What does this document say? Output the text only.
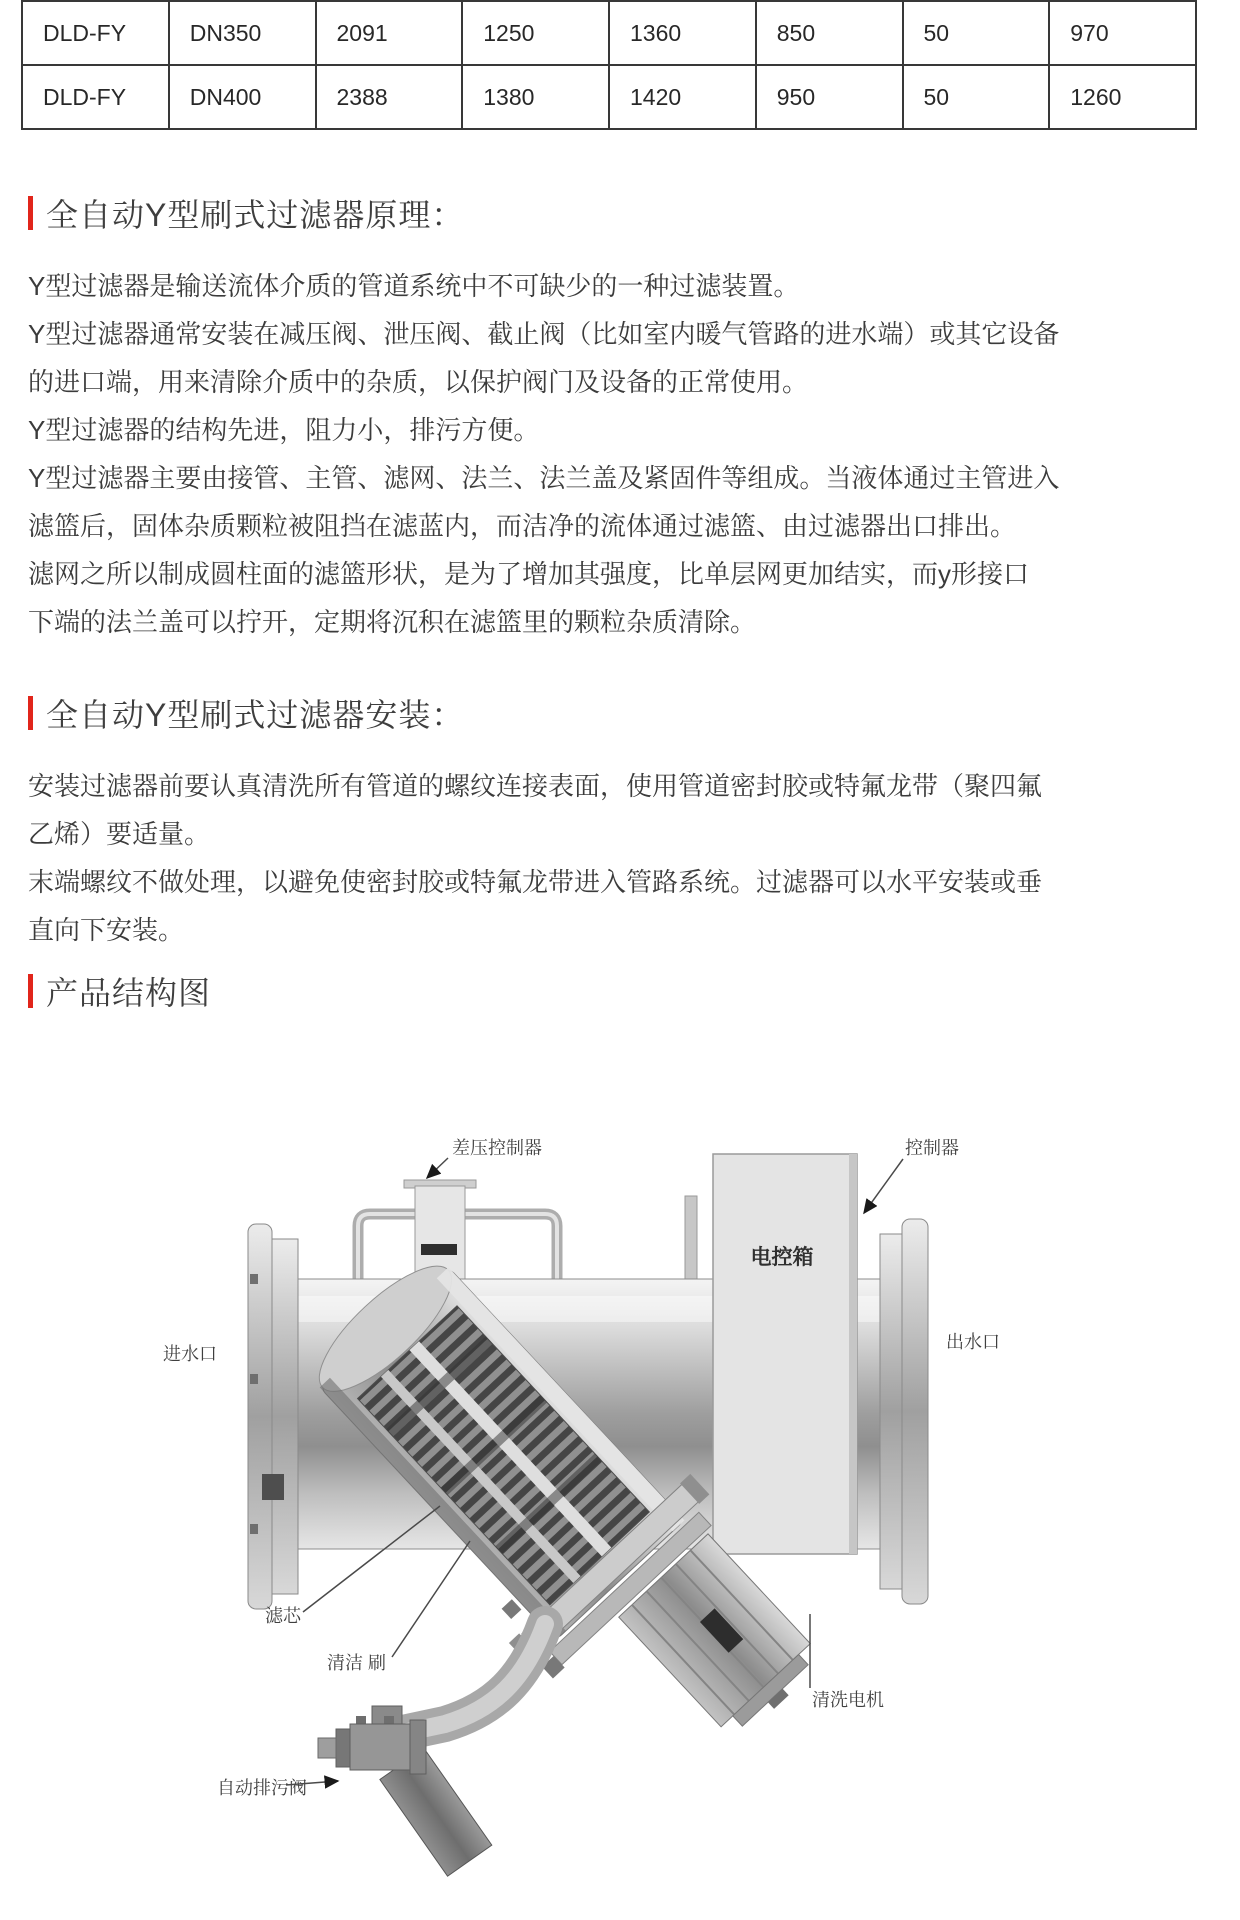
DLD-FY	DN350	2091	1250	1360	850	50	970
DLD-FY	DN400	2388	1380	1420	950	50	1260
全自动Y型刷式过滤器原理：
Y型过滤器是输送流体介质的管道系统中不可缺少的一种过滤装置。
Y型过滤器通常安装在减压阀、泄压阀、截止阀（比如室内暖气管路的进水端）或其它设备
的进口端，用来清除介质中的杂质，以保护阀门及设备的正常使用。
Y型过滤器的结构先进，阻力小，排污方便。
Y型过滤器主要由接管、主管、滤网、法兰、法兰盖及紧固件等组成。当液体通过主管进入
滤篮后，固体杂质颗粒被阻挡在滤蓝内，而洁净的流体通过滤篮、由过滤器出口排出。
滤网之所以制成圆柱面的滤篮形状，是为了增加其强度，比单层网更加结实，而y形接口
下端的法兰盖可以拧开，定期将沉积在滤篮里的颗粒杂质清除。
全自动Y型刷式过滤器安装：
安装过滤器前要认真清洗所有管道的螺纹连接表面，使用管道密封胶或特氟龙带（聚四氟
乙烯）要适量。
末端螺纹不做处理，以避免使密封胶或特氟龙带进入管路系统。过滤器可以水平安装或垂
直向下安装。
产品结构图
电控箱
差压控制器	控制器
进水口
出水口
滤芯
清洁 刷
自动排污阀
清洗电机
